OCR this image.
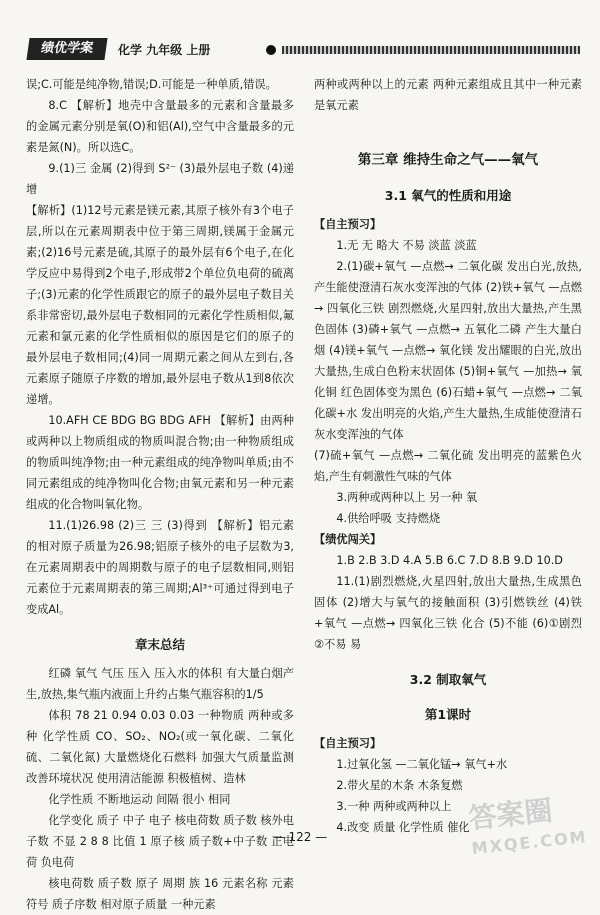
绩优学案	化学 九年级 上册

误;C.可能是纯净物,错误;D.可能是一种单质,错误。

8.C 【解析】地壳中含量最多的元素和含量最多的金属元素分别是氧(O)和铝(Al),空气中含量最多的元素是氮(N)。所以选C。

9.(1)三 金属 (2)得到 S²⁻ (3)最外层电子数 (4)递增

【解析】(1)12号元素是镁元素,其原子核外有3个电子层,所以在元素周期表中位于第三周期,镁属于金属元素;(2)16号元素是硫,其原子的最外层有6个电子,在化学反应中易得到2个电子,形成带2个单位负电荷的硫离子;(3)元素的化学性质跟它的原子的最外层电子数目关系非常密切,最外层电子数相同的元素化学性质相似,氟元素和氯元素的化学性质相似的原因是它们的原子的最外层电子数相同;(4)同一周期元素之间从左到右,各元素原子随原子序数的增加,最外层电子数从1到8依次递增。

10.AFH CE BDG BG BDG AFH 【解析】由两种或两种以上物质组成的物质叫混合物;由一种物质组成的物质叫纯净物;由一种元素组成的纯净物叫单质;由不同元素组成的纯净物叫化合物;由氧元素和另一种元素组成的化合物叫氧化物。

11.(1)26.98 (2)三 三 (3)得到 【解析】铝元素的相对原子质量为26.98;铝原子核外的电子层数为3,在元素周期表中的周期数与原子的电子层数相同,则铝元素位于元素周期表的第三周期;Al³⁺可通过得到电子变成Al。

章末总结

红磷 氧气 气压 压入 压入水的体积 有大量白烟产生,放热,集气瓶内液面上升约占集气瓶容积的1/5

体积 78 21 0.94 0.03 0.03 一种物质 两种或多种 化学性质 CO、SO₂、NO₂(或一氧化碳、二氧化硫、二氧化氮) 大量燃烧化石燃料 加强大气质量监测 改善环境状况 使用清洁能源 积极植树、造林

化学性质 不断地运动 间隔 很小 相同

化学变化 质子 中子 电子 核电荷数 质子数 核外电子数 不显 2 8 8 比值 1 原子核 质子数+中子数 正电荷 负电荷

核电荷数 质子数 原子 周期 族 16 元素名称 元素符号 质子序数 相对原子质量 一种元素

两种或两种以上的元素 两种元素组成且其中一种元素是氧元素

第三章 维持生命之气——氧气
3.1 氧气的性质和用途
【自主预习】

1.无 无 略大 不易 淡蓝 淡蓝

2.(1)碳+氧气 —点燃→ 二氧化碳 发出白光,放热,产生能使澄清石灰水变浑浊的气体 (2)铁+氧气 —点燃→ 四氧化三铁 剧烈燃烧,火星四射,放出大量热,产生黑色固体 (3)磷+氧气 —点燃→ 五氧化二磷 产生大量白烟 (4)镁+氧气 —点燃→ 氧化镁 发出耀眼的白光,放出大量热,生成白色粉末状固体 (5)铜+氧气 —加热→ 氧化铜 红色固体变为黑色 (6)石蜡+氧气 —点燃→ 二氧化碳+水 发出明亮的火焰,产生大量热,生成能使澄清石灰水变浑浊的气体

(7)硫+氧气 —点燃→ 二氧化硫 发出明亮的蓝紫色火焰,产生有刺激性气味的气体

3.两种或两种以上 另一种 氧

4.供给呼吸 支持燃烧

【绩优闯关】

1.B 2.B 3.D 4.A 5.B 6.C 7.D 8.B 9.D 10.D

11.(1)剧烈燃烧,火星四射,放出大量热,生成黑色固体 (2)增大与氧气的接触面积 (3)引燃铁丝 (4)铁+氧气 —点燃→ 四氧化三铁 化合 (5)不能 (6)①剧烈 ②不易 易

3.2 制取氧气
第1课时
【自主预习】

1.过氧化氢 —二氧化锰→ 氧气+水

2.带火星的木条 木条复燃

3.一种 两种或两种以上

4.改变 质量 化学性质 催化

— 122 —
答案圈
MXQE.COM
